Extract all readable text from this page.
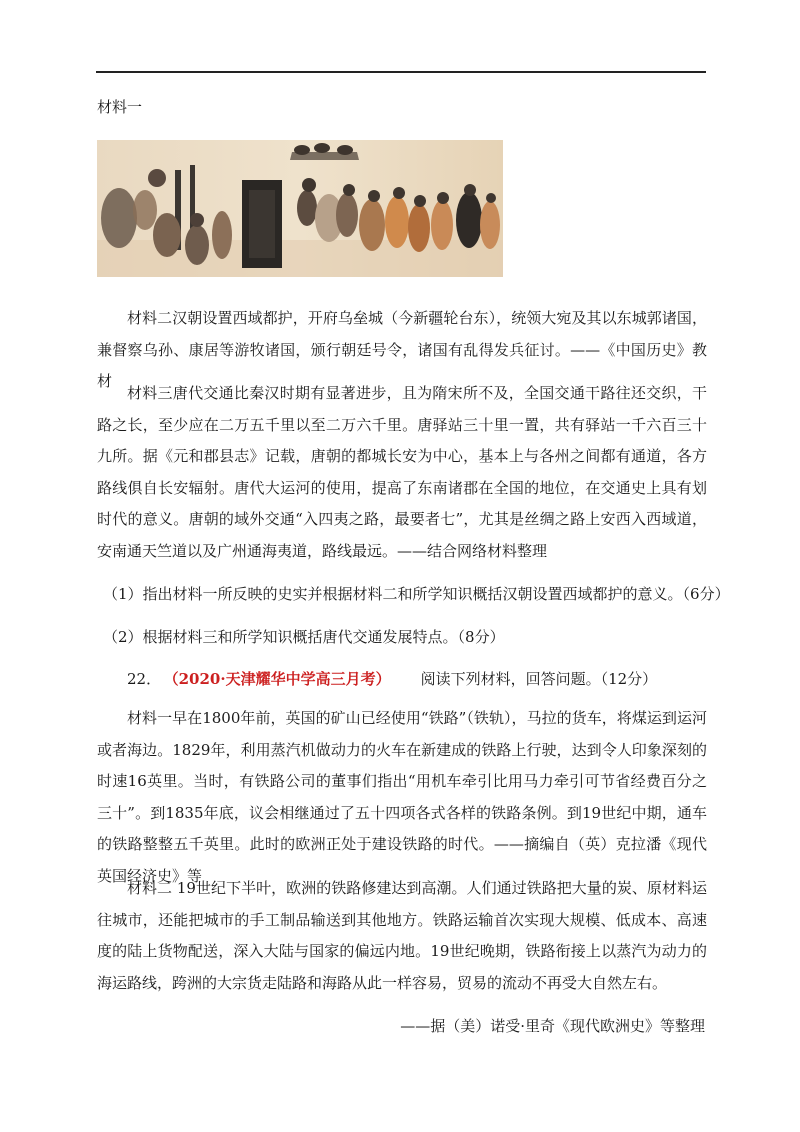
材料一

材料二汉朝设置西域都护，开府乌垒城（今新疆轮台东），统领大宛及其以东城郭诸国，兼督察乌孙、康居等游牧诸国，颁行朝廷号令，诸国有乱得发兵征讨。——《中国历史》教材

材料三唐代交通比秦汉时期有显著进步，且为隋宋所不及，全国交通干路往还交织，干路之长，至少应在二万五千里以至二万六千里。唐驿站三十里一置，共有驿站一千六百三十九所。据《元和郡县志》记载，唐朝的都城长安为中心，基本上与各州之间都有通道，各方路线俱自长安辐射。唐代大运河的使用，提高了东南诸郡在全国的地位，在交通史上具有划时代的意义。唐朝的域外交通“入四夷之路，最要者七”，尤其是丝绸之路上安西入西域道，安南通天竺道以及广州通海夷道，路线最远。——结合网络材料整理

（1）指出材料一所反映的史实并根据材料二和所学知识概括汉朝设置西域都护的意义。（6分）
（2）根据材料三和所学知识概括唐代交通发展特点。（8分）
22． （2020·天津耀华中学高三月考） 阅读下列材料，回答问题。（12分）

材料一早在1800年前，英国的矿山已经使用“铁路”（铁轨），马拉的货车，将煤运到运河或者海边。1829年，利用蒸汽机做动力的火车在新建成的铁路上行驶，达到令人印象深刻的时速16英里。当时，有铁路公司的董事们指出“用机车牵引比用马力牵引可节省经费百分之三十”。到1835年底，议会相继通过了五十四项各式各样的铁路条例。到19世纪中期，通车的铁路整整五千英里。此时的欧洲正处于建设铁路的时代。——摘编自（英）克拉潘《现代英国经济史》等

材料二 19世纪下半叶，欧洲的铁路修建达到高潮。人们通过铁路把大量的炭、原材料运往城市，还能把城市的手工制品输送到其他地方。铁路运输首次实现大规模、低成本、高速度的陆上货物配送，深入大陆与国家的偏远内地。19世纪晚期，铁路衔接上以蒸汽为动力的海运路线，跨洲的大宗货走陆路和海路从此一样容易，贸易的流动不再受大自然左右。

——据（美）诺受·里奇《现代欧洲史》等整理
